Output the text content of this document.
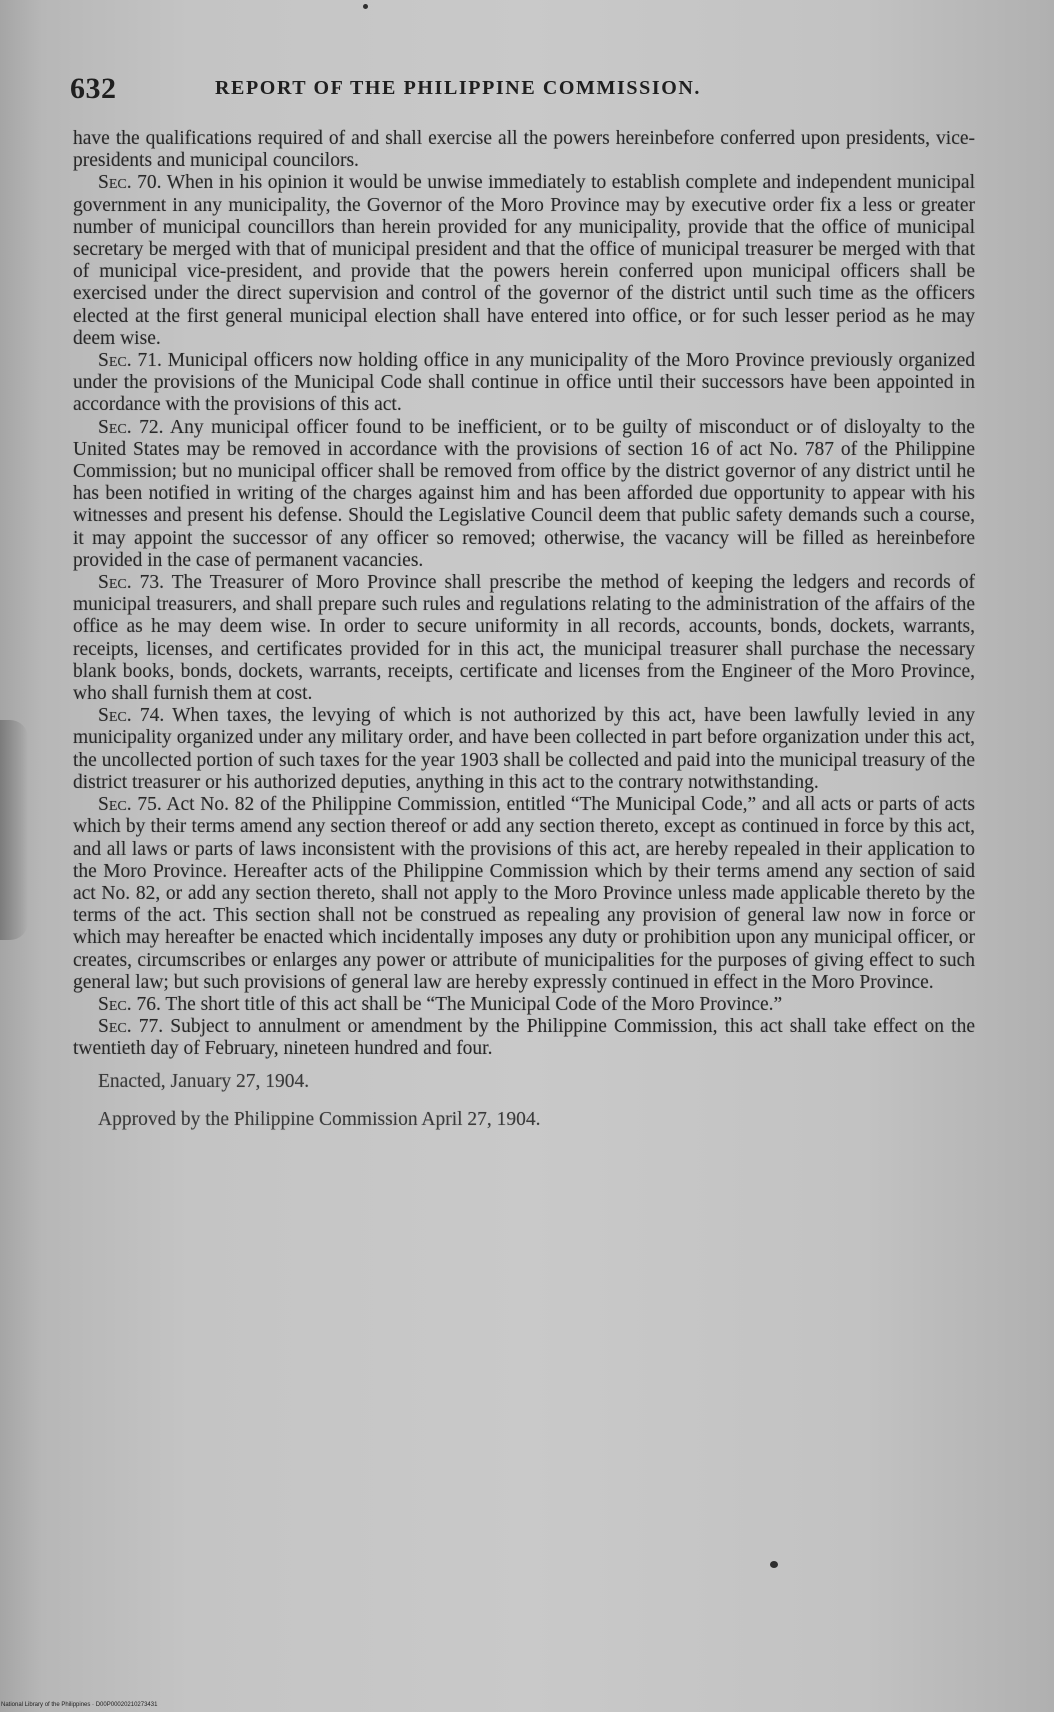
632	REPORT OF THE PHILIPPINE COMMISSION.

have the qualifications required of and shall exercise all the powers hereinbefore conferred upon presidents, vice-presidents and municipal councilors.

Sec. 70. When in his opinion it would be unwise immediately to establish complete and independent municipal government in any municipality, the Governor of the Moro Province may by executive order fix a less or greater number of municipal councillors than herein provided for any municipality, provide that the office of municipal secretary be merged with that of municipal president and that the office of municipal treasurer be merged with that of municipal vice-president, and provide that the powers herein conferred upon municipal officers shall be exercised under the direct supervision and control of the governor of the district until such time as the officers elected at the first general municipal election shall have entered into office, or for such lesser period as he may deem wise.

Sec. 71. Municipal officers now holding office in any municipality of the Moro Province previously organized under the provisions of the Municipal Code shall continue in office until their successors have been appointed in accordance with the provisions of this act.

Sec. 72. Any municipal officer found to be inefficient, or to be guilty of misconduct or of disloyalty to the United States may be removed in accordance with the provisions of section 16 of act No. 787 of the Philippine Commission; but no municipal officer shall be removed from office by the district governor of any district until he has been notified in writing of the charges against him and has been afforded due opportunity to appear with his witnesses and present his defense. Should the Legislative Council deem that public safety demands such a course, it may appoint the successor of any officer so removed; otherwise, the vacancy will be filled as hereinbefore provided in the case of permanent vacancies.

Sec. 73. The Treasurer of Moro Province shall prescribe the method of keeping the ledgers and records of municipal treasurers, and shall prepare such rules and regulations relating to the administration of the affairs of the office as he may deem wise. In order to secure uniformity in all records, accounts, bonds, dockets, warrants, receipts, licenses, and certificates provided for in this act, the municipal treasurer shall purchase the necessary blank books, bonds, dockets, warrants, receipts, certificate and licenses from the Engineer of the Moro Province, who shall furnish them at cost.

Sec. 74. When taxes, the levying of which is not authorized by this act, have been lawfully levied in any municipality organized under any military order, and have been collected in part before organization under this act, the uncollected portion of such taxes for the year 1903 shall be collected and paid into the municipal treasury of the district treasurer or his authorized deputies, anything in this act to the contrary notwithstanding.

Sec. 75. Act No. 82 of the Philippine Commission, entitled “The Municipal Code,” and all acts or parts of acts which by their terms amend any section thereof or add any section thereto, except as continued in force by this act, and all laws or parts of laws inconsistent with the provisions of this act, are hereby repealed in their application to the Moro Province. Hereafter acts of the Philippine Commission which by their terms amend any section of said act No. 82, or add any section thereto, shall not apply to the Moro Province unless made applicable thereto by the terms of the act. This section shall not be construed as repealing any provision of general law now in force or which may hereafter be enacted which incidentally imposes any duty or prohibition upon any municipal officer, or creates, circumscribes or enlarges any power or attribute of municipalities for the purposes of giving effect to such general law; but such provisions of general law are hereby expressly continued in effect in the Moro Province.

Sec. 76. The short title of this act shall be “The Municipal Code of the Moro Province.”

Sec. 77. Subject to annulment or amendment by the Philippine Commission, this act shall take effect on the twentieth day of February, nineteen hundred and four.

Enacted, January 27, 1904.

Approved by the Philippine Commission April 27, 1904.

National Library of the Philippines · D00P00020210273431
